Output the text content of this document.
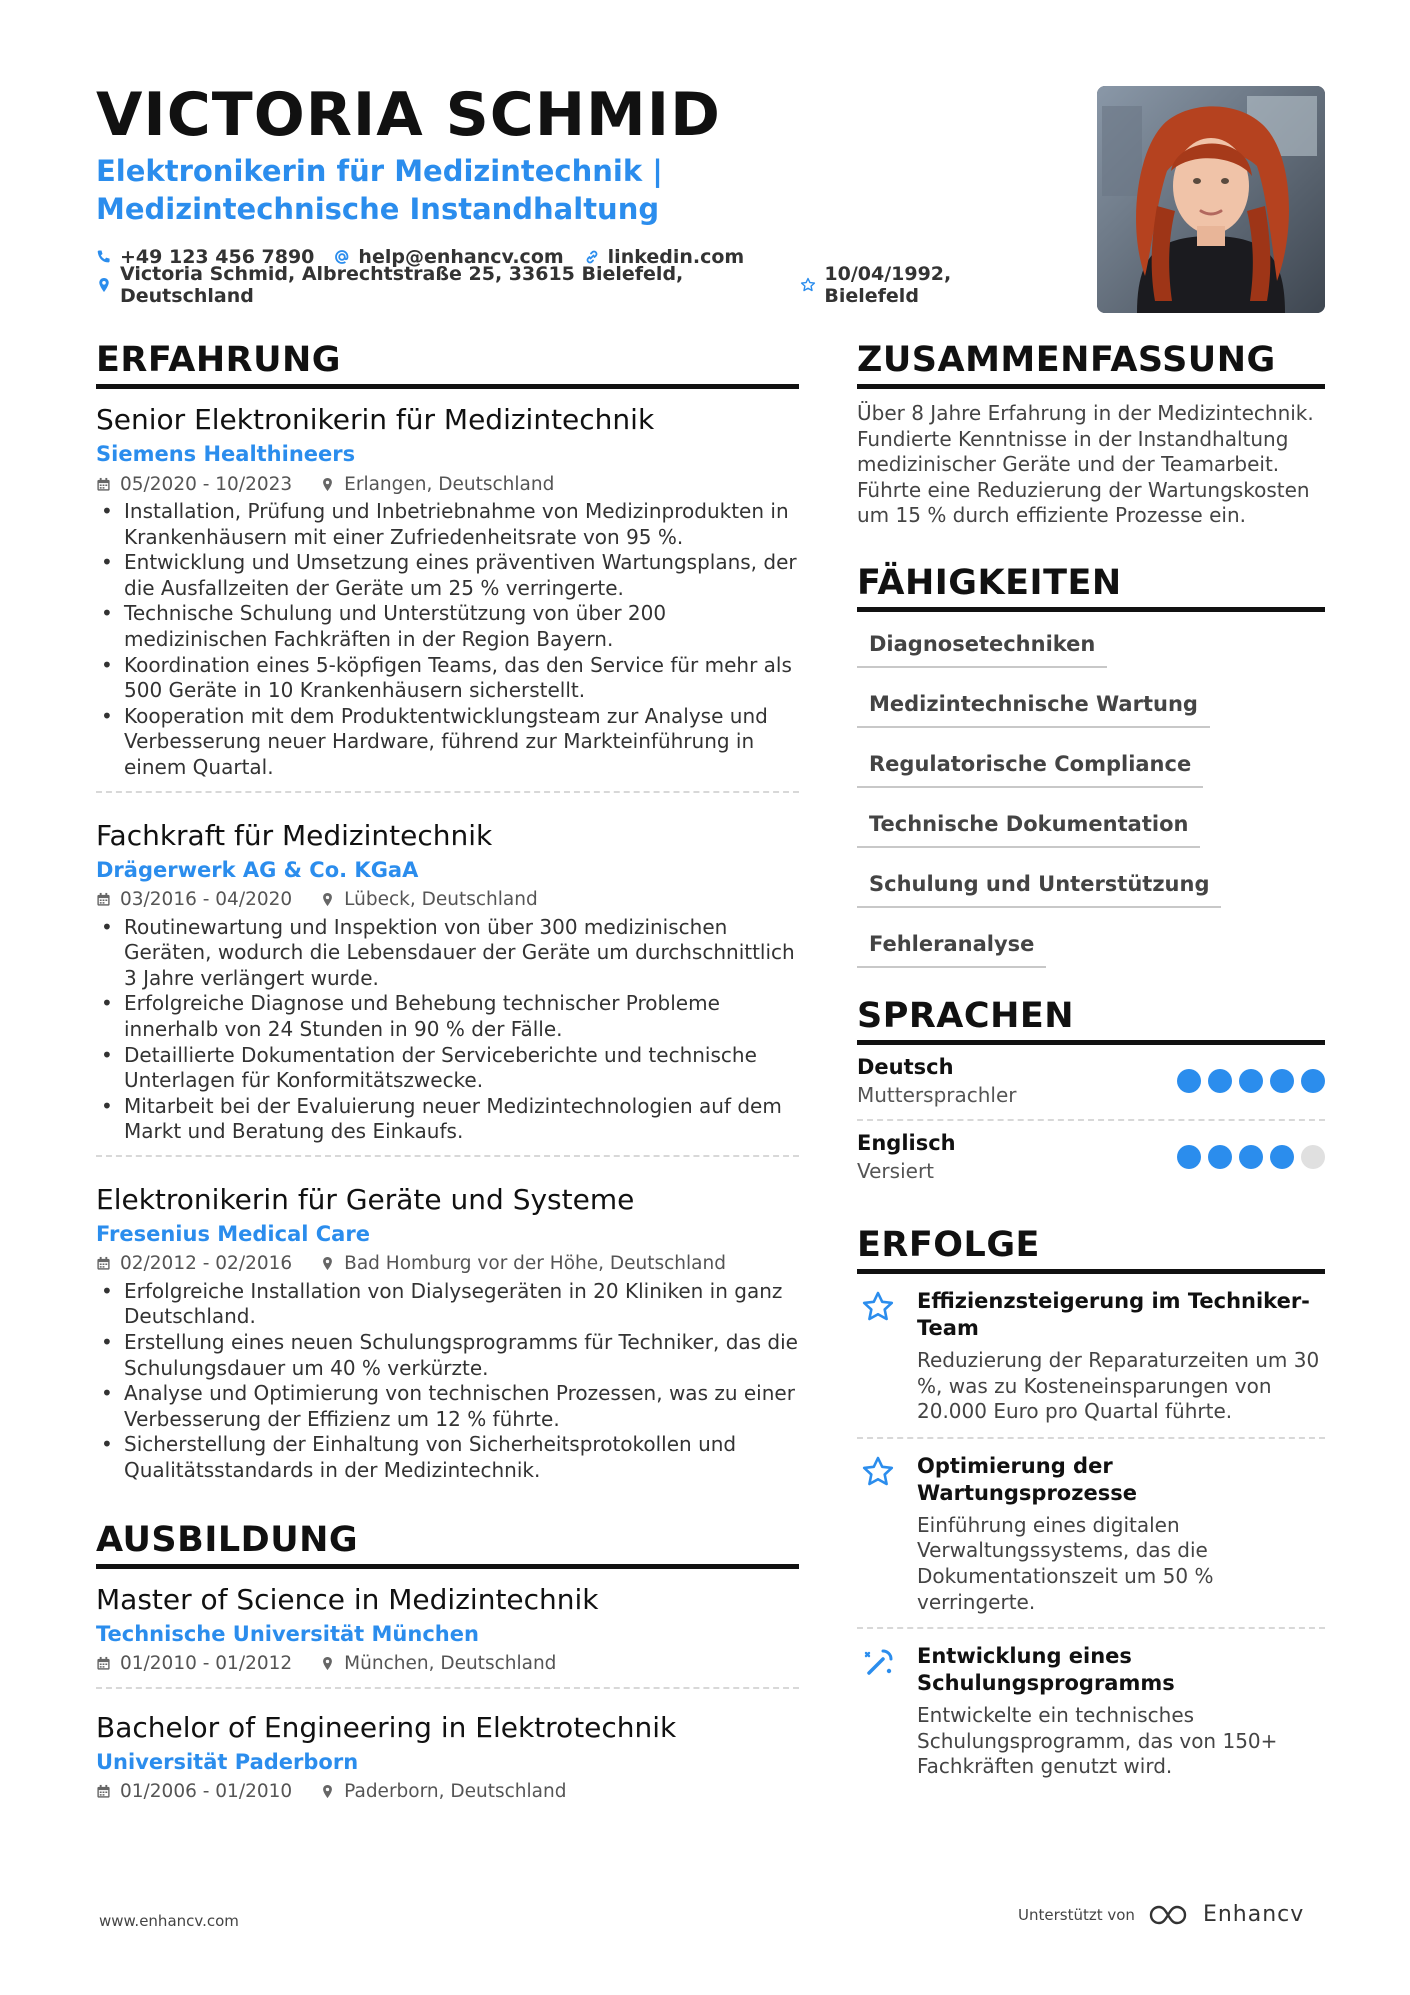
VICTORIA SCHMID
Elektronikerin für Medizintechnik | Medizintechnische Instandhaltung
+49 123 456 7890 help@enhancv.com linkedin.com
Victoria Schmid, Albrechtstraße 25, 33615 Bielefeld, Deutschland
10/04/1992, Bielefeld
ERFAHRUNG
Senior Elektronikerin für Medizintechnik
Siemens Healthineers
05/2020 - 10/2023	Erlangen, Deutschland
• Installation, Prüfung und Inbetriebnahme von Medizinprodukten in Krankenhäusern mit einer Zufriedenheitsrate von 95 %.
• Entwicklung und Umsetzung eines präventiven Wartungsplans, der die Ausfallzeiten der Geräte um 25 % verringerte.
• Technische Schulung und Unterstützung von über 200 medizinischen Fachkräften in der Region Bayern.
• Koordination eines 5-köpfigen Teams, das den Service für mehr als 500 Geräte in 10 Krankenhäusern sicherstellt.
• Kooperation mit dem Produktentwicklungsteam zur Analyse und Verbesserung neuer Hardware, führend zur Markteinführung in einem Quartal.
Fachkraft für Medizintechnik
Drägerwerk AG & Co. KGaA
03/2016 - 04/2020	Lübeck, Deutschland
• Routinewartung und Inspektion von über 300 medizinischen Geräten, wodurch die Lebensdauer der Geräte um durchschnittlich 3 Jahre verlängert wurde.
• Erfolgreiche Diagnose und Behebung technischer Probleme innerhalb von 24 Stunden in 90 % der Fälle.
• Detaillierte Dokumentation der Serviceberichte und technische Unterlagen für Konformitätszwecke.
• Mitarbeit bei der Evaluierung neuer Medizintechnologien auf dem Markt und Beratung des Einkaufs.
Elektronikerin für Geräte und Systeme
Fresenius Medical Care
02/2012 - 02/2016	Bad Homburg vor der Höhe, Deutschland
• Erfolgreiche Installation von Dialysegeräten in 20 Kliniken in ganz Deutschland.
• Erstellung eines neuen Schulungsprogramms für Techniker, das die Schulungsdauer um 40 % verkürzte.
• Analyse und Optimierung von technischen Prozessen, was zu einer Verbesserung der Effizienz um 12 % führte.
• Sicherstellung der Einhaltung von Sicherheitsprotokollen und Qualitätsstandards in der Medizintechnik.
AUSBILDUNG
Master of Science in Medizintechnik
Technische Universität München
01/2010 - 01/2012	München, Deutschland
Bachelor of Engineering in Elektrotechnik
Universität Paderborn
01/2006 - 01/2010	Paderborn, Deutschland
ZUSAMMENFASSUNG
Über 8 Jahre Erfahrung in der Medizintechnik. Fundierte Kenntnisse in der Instandhaltung medizinischer Geräte und der Teamarbeit. Führte eine Reduzierung der Wartungskosten um 15 % durch effiziente Prozesse ein.
FÄHIGKEITEN
Diagnosetechniken
Medizintechnische Wartung
Regulatorische Compliance
Technische Dokumentation
Schulung und Unterstützung
Fehleranalyse
SPRACHEN
Deutsch
Muttersprachler
Englisch
Versiert
ERFOLGE
Effizienzsteigerung im Techniker-Team
Reduzierung der Reparaturzeiten um 30 %, was zu Kosteneinsparungen von 20.000 Euro pro Quartal führte.
Optimierung der Wartungsprozesse
Einführung eines digitalen Verwaltungssystems, das die Dokumentationszeit um 50 % verringerte.
Entwicklung eines Schulungsprogramms
Entwickelte ein technisches Schulungsprogramm, das von 150+ Fachkräften genutzt wird.
www.enhancv.com	Unterstützt von	Enhancv
